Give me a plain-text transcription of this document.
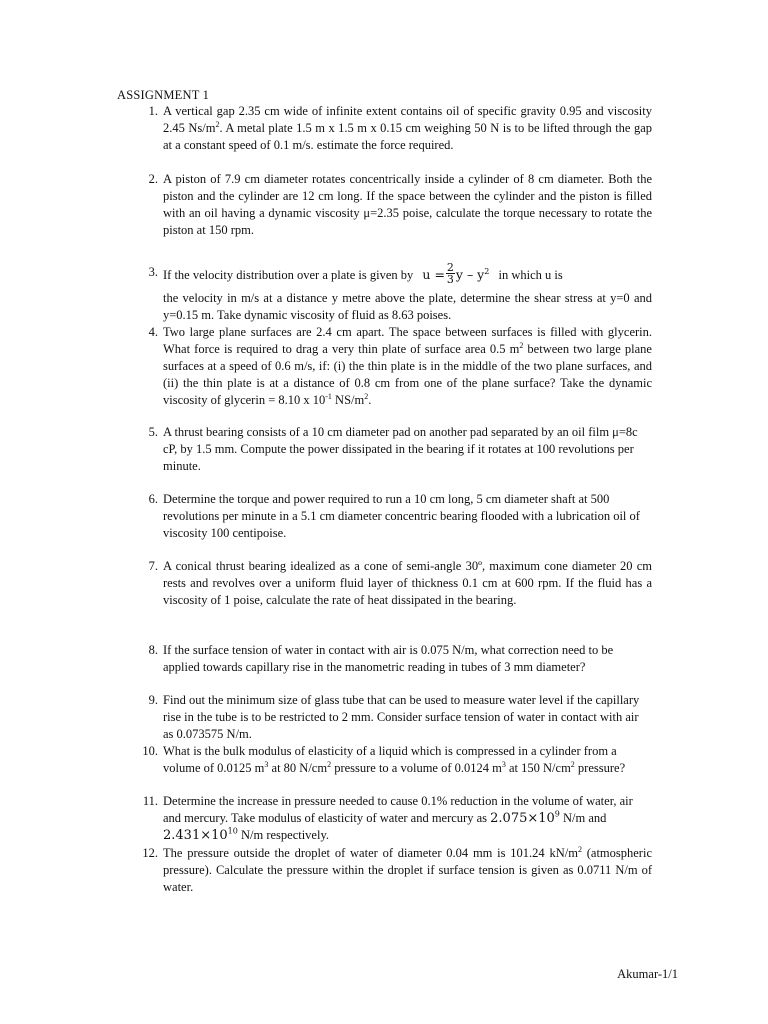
ASSIGNMENT 1
1. A vertical gap 2.35 cm wide of infinite extent contains oil of specific gravity 0.95 and viscosity 2.45 $Ns/m^2$. A metal plate 1.5 m x 1.5 m x 0.15 cm weighing 50 N is to be lifted through the gap at a constant speed of 0.1 m/s. estimate the force required.
2. A piston of 7.9 cm diameter rotates concentrically inside a cylinder of 8 cm diameter. Both the piston and the cylinder are 12 cm long. If the space between the cylinder and the piston is filled with an oil having a dynamic viscosity μ=2.35 poise, calculate the torque necessary to rotate the piston at 150 rpm.
3. If the velocity distribution over a plate is given by $u = \frac{2}{3}$ y – $y^2$ in which u is
the velocity in m/s at a distance y metre above the plate, determine the shear stress at y=0 and y=0.15 m. Take dynamic viscosity of fluid as 8.63 poises.
4. Two large plane surfaces are 2.4 cm apart. The space between surfaces is filled with glycerin. What force is required to drag a very thin plate of surface area 0.5 $m^2$ between two large plane surfaces at a speed of 0.6 m/s, if: (i) the thin plate is in the middle of the two plane surfaces, and (ii) the thin plate is at a distance of 0.8 cm from one of the plane surface? Take the dynamic viscosity of glycerin = 8.10 x $10^{-1}$ $NS/m^2$.
5. A thrust bearing consists of a 10 cm diameter pad on another pad separated by an oil film μ=8c cP, by 1.5 mm. Compute the power dissipated in the bearing if it rotates at 100 revolutions per minute.
6. Determine the torque and power required to run a 10 cm long, 5 cm diameter shaft at 500       revolutions per minute in a 5.1 cm diameter concentric bearing flooded with a lubrication oil of viscosity 100 centipoise.
7. A conical thrust bearing idealized as a cone of semi-angle 30º, maximum cone diameter 20 cm rests and revolves over a uniform fluid layer of thickness 0.1 cm at 600 rpm. If the fluid has a viscosity of 1 poise, calculate the rate of heat dissipated in the bearing.
8. If the surface tension of water in contact with air is 0.075 N/m, what correction need to be applied towards capillary rise in the manometric reading in tubes of 3 mm diameter?
9. Find out the minimum size of glass tube that can be used to measure water level if the capillary rise in the tube is to be restricted to 2 mm. Consider surface tension of water in contact with air as 0.073575 N/m.
10. What is the bulk modulus of elasticity of a liquid which is compressed in a cylinder from a volume of 0.0125 $m^3$ at 80 $N/cm^2$ pressure to a volume of 0.0124 $m^3$ at 150 $N/cm^2$ pressure?
11. Determine the increase in pressure needed to cause 0.1% reduction in the volume of water, air and mercury. Take modulus of elasticity of water and mercury as $2.075\times 10^9$ N/m and $2.431\times 10^{10}$ N/m respectively.
12. The pressure outside the droplet of water of diameter 0.04 mm is 101.24 $kN/m^2$ (atmospheric pressure). Calculate the pressure within the droplet if surface tension is given as 0.0711 N/m of water.
Akumar-1/1
